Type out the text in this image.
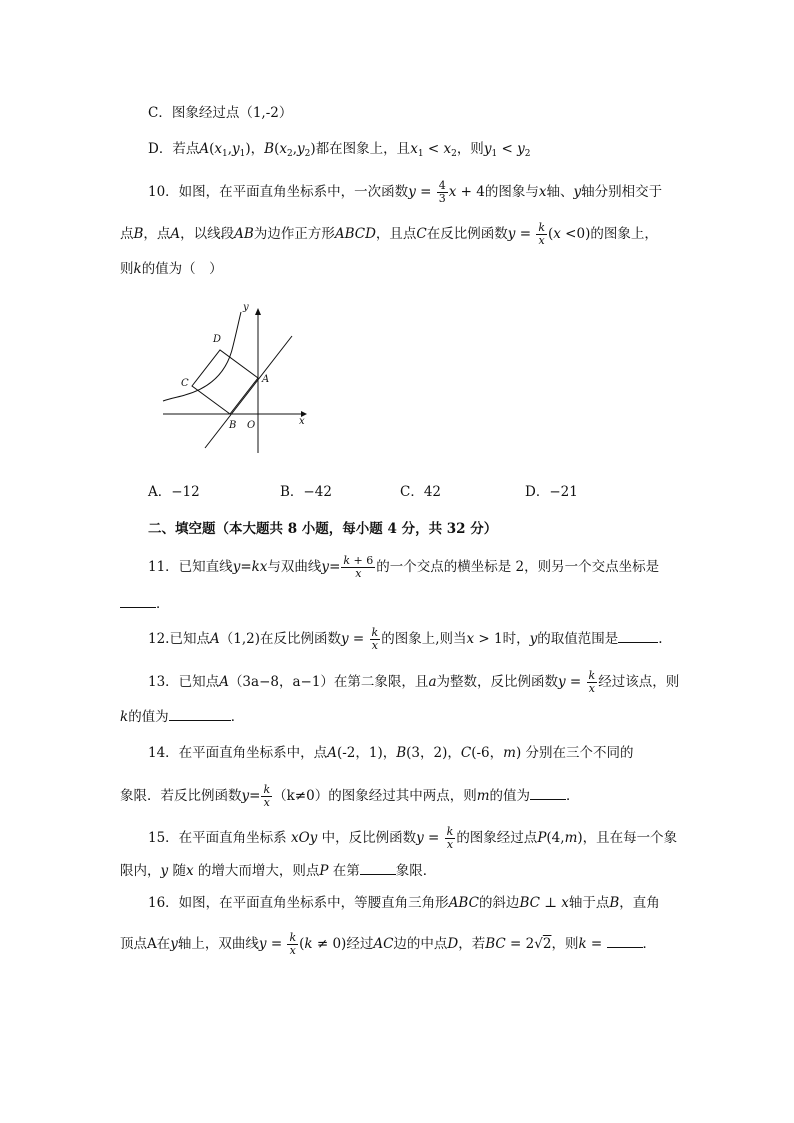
C．图象经过点（1,-2）
D．若点$A(x_1,y_1)$，$B(x_2,y_2)$都在图象上，且$x_1 < x_2$，则$y_1 < y_2$
10．如图，在平面直角坐标系中，一次函数$y = \frac{4}{3}$ x + 4的图象与x轴、y轴分别相交于
点B，点A，以线段AB为边作正方形ABCD，且点C在反比例函数$y = \frac{k}{x} (x <0)$的图象上，
则k的值为（　）
y
D
A
C
B O	x
A．−12	B．−42	C．42	D．−21
二、填空题（本大题共 8 小题，每小题 4 分，共 32 分）
11．已知直线y=kx与双曲线$y= \frac{k + 6}{x}$ 的一个交点的横坐标是 2，则另一个交点坐标是
．
12.已知点A（1,2)在反比例函数$y = \frac{k}{x}$ 的图象上,则当x > 1时，y的取值范围是	.
13．已知点A（3a−8，a−1）在第二象限，且a为整数，反比例函数$y = \frac{k}{x}$ 经过该点，则
k的值为	．
14．在平面直角坐标系中，点A(-2，1)，B(3，2)，C(-6，m) 分别在三个不同的
象限．若反比例函数$y= \frac{k}{x} (k\ne 0)$的图象经过其中两点，则m的值为	．
15．在平面直角坐标系 xOy 中，反比例函数$y = \frac{k}{x}$ 的图象经过点P(4,m)，且在每一个象
限内，y 随x 的增大而增大，则点P 在第	象限．
16．如图，在平面直角坐标系中，等腰直角三角形ABC的斜边BC ⊥ x轴于点B，直角
顶点A在y轴上，双曲线$y = \frac{k}{x} (k \ne 0)$经过AC边的中点D，若BC = 2√2，则k =	．
